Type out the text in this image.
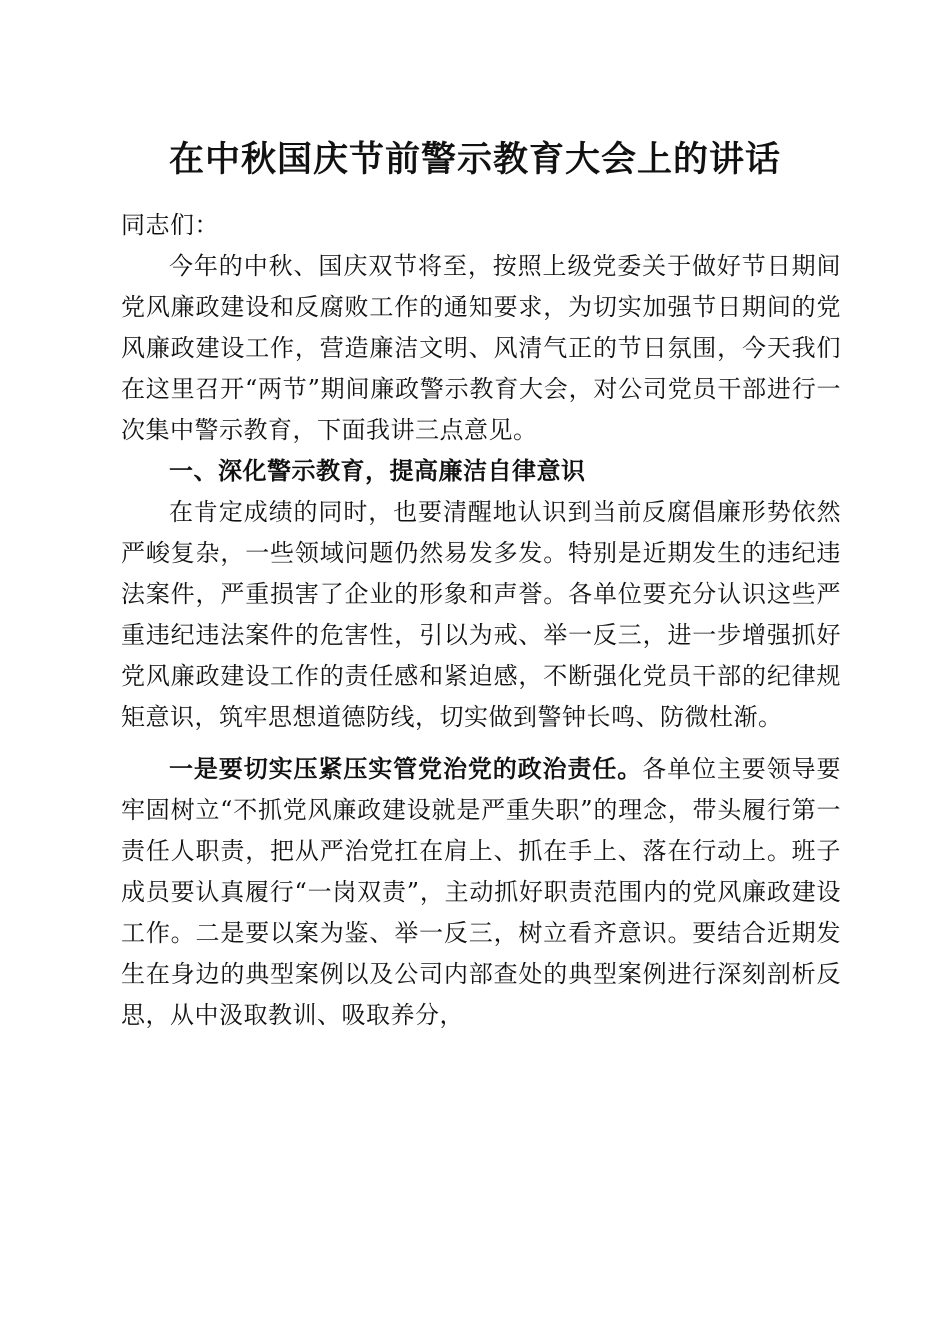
在中秋国庆节前警示教育大会上的讲话

同志们：

今年的中秋、国庆双节将至，按照上级党委关于做好节日期间党风廉政建设和反腐败工作的通知要求，为切实加强节日期间的党风廉政建设工作，营造廉洁文明、风清气正的节日氛围，今天我们在这里召开“两节”期间廉政警示教育大会，对公司党员干部进行一次集中警示教育，下面我讲三点意见。

一、深化警示教育，提高廉洁自律意识

在肯定成绩的同时，也要清醒地认识到当前反腐倡廉形势依然严峻复杂，一些领域问题仍然易发多发。特别是近期发生的违纪违法案件，严重损害了企业的形象和声誉。各单位要充分认识这些严重违纪违法案件的危害性，引以为戒、举一反三，进一步增强抓好党风廉政建设工作的责任感和紧迫感，不断强化党员干部的纪律规矩意识，筑牢思想道德防线，切实做到警钟长鸣、防微杜渐。

一是要切实压紧压实管党治党的政治责任。各单位主要领导要牢固树立“不抓党风廉政建设就是严重失职”的理念，带头履行第一责任人职责，把从严治党扛在肩上、抓在手上、落在行动上。班子成员要认真履行“一岗双责”，主动抓好职责范围内的党风廉政建设工作。二是要以案为鉴、举一反三，树立看齐意识。要结合近期发生在身边的典型案例以及公司内部查处的典型案例进行深刻剖析反思，从中汲取教训、吸取养分，
